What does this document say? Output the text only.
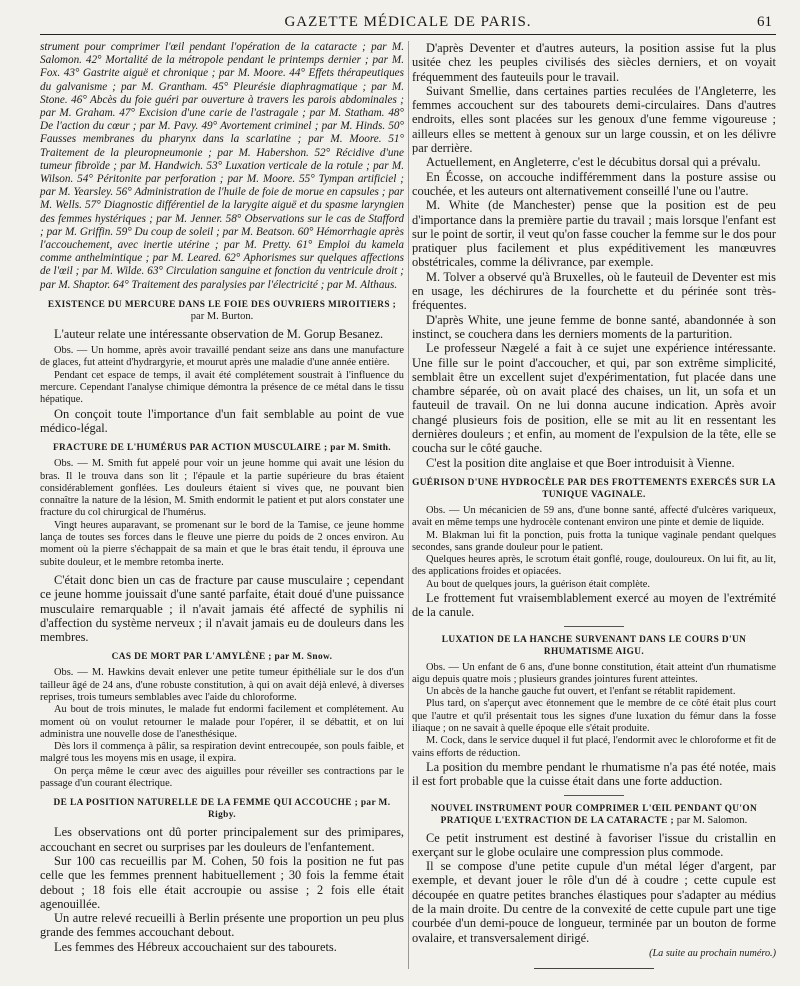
GAZETTE MÉDICALE DE PARIS.	61

strument pour comprimer l'œil pendant l'opération de la cataracte ; par M. Salomon. 42° Mortalité de la métropole pendant le printemps dernier ; par M. Fox. 43° Gastrite aiguë et chronique ; par M. Moore. 44° Effets thérapeutiques du galvanisme ; par M. Grantham. 45° Pleurésie diaphragmatique ; par M. Stone. 46° Abcès du foie guéri par ouverture à travers les parois abdominales ; par M. Graham. 47° Excision d'une carie de l'astragale ; par M. Statham. 48° De l'action du cœur ; par M. Pavy. 49° Avortement criminel ; par M. Hinds. 50° Fausses membranes du pharynx dans la scarlatine ; par M. Moore. 51° Traitement de la pleuropneumonie ; par M. Habershon. 52° Récidive d'une tumeur fibroïde ; par M. Handwich. 53° Luxation verticale de la rotule ; par M. Wilson. 54° Péritonite par perforation ; par M. Moore. 55° Tympan artificiel ; par M. Yearsley. 56° Administration de l'huile de foie de morue en capsules ; par M. Wells. 57° Diagnostic différentiel de la larygite aiguë et du spasme laryngien des femmes hystériques ; par M. Jenner. 58° Observations sur le cas de Stafford ; par M. Griffin. 59° Du coup de soleil ; par M. Beatson. 60° Hémorrhagie après l'accouchement, avec inertie utérine ; par M. Pretty. 61° Emploi du kamela comme anthelmintique ; par M. Leared. 62° Aphorismes sur quelques affections de l'œil ; par M. Wilde. 63° Circulation sanguine et fonction du ventricule droit ; par M. Shaptor. 64° Traitement des paralysies par l'électricité ; par M. Althaus.

EXISTENCE DU MERCURE DANS LE FOIE DES OUVRIERS MIROITIERS ;
par M. Burton.

L'auteur relate une intéressante observation de M. Gorup Besanez.

Obs. — Un homme, après avoir travaillé pendant seize ans dans une manufacture de glaces, fut atteint d'hydrargyrie, et mourut après une maladie d'une année entière.

Pendant cet espace de temps, il avait été complétement soustrait à l'influence du mercure. Cependant l'analyse chimique démontra la présence de ce métal dans le tissu hépatique.

On conçoit toute l'importance d'un fait semblable au point de vue médico-légal.

FRACTURE DE L'HUMÉRUS PAR ACTION MUSCULAIRE ; par M. Smith.

Obs. — M. Smith fut appelé pour voir un jeune homme qui avait une lésion du bras. Il le trouva dans son lit ; l'épaule et la partie supérieure du bras étaient considérablement gonflées. Les douleurs étaient si vives que, ne pouvant bien connaître la nature de la lésion, M. Smith endormit le patient et put alors constater une fracture du col chirurgical de l'humérus.

Vingt heures auparavant, se promenant sur le bord de la Tamise, ce jeune homme lança de toutes ses forces dans le fleuve une pierre du poids de 2 onces environ. Au moment où la pierre s'échappait de sa main et que le bras était tendu, il éprouva une subite douleur, et le membre retomba inerte.

C'était donc bien un cas de fracture par cause musculaire ; cependant ce jeune homme jouissait d'une santé parfaite, était doué d'une puissance musculaire remarquable ; il n'avait jamais été affecté de syphilis ni d'affection du système nerveux ; il n'avait jamais eu de douleurs dans les membres.

CAS DE MORT PAR L'AMYLÈNE ; par M. Snow.

Obs. — M. Hawkins devait enlever une petite tumeur épithéliale sur le dos d'un tailleur âgé de 24 ans, d'une robuste constitution, à qui on avait déjà enlevé, à diverses reprises, trois tumeurs semblables avec l'aide du chloroforme.

Au bout de trois minutes, le malade fut endormi facilement et complétement. Au moment où on voulut retourner le malade pour l'opérer, il se débattit, et on lui administra une nouvelle dose de l'anesthésique.

Dès lors il commença à pâlir, sa respiration devint entrecoupée, son pouls faible, et malgré tous les moyens mis en usage, il expira.

On perça même le cœur avec des aiguilles pour réveiller ses contractions par le passage d'un courant électrique.

DE LA POSITION NATURELLE DE LA FEMME QUI ACCOUCHE ; par M. Rigby.

Les observations ont dû porter principalement sur des primipares, accouchant en secret ou surprises par les douleurs de l'enfantement.

Sur 100 cas recueillis par M. Cohen, 50 fois la position ne fut pas celle que les femmes prennent habituellement ; 30 fois la femme était debout ; 18 fois elle était accroupie ou assise ; 2 fois elle était agenouillée.

Un autre relevé recueilli à Berlin présente une proportion un peu plus grande des femmes accouchant debout.

Les femmes des Hébreux accouchaient sur des tabourets.

D'après Deventer et d'autres auteurs, la position assise fut la plus usitée chez les peuples civilisés des siècles derniers, et on voyait fréquemment des fauteuils pour le travail.

Suivant Smellie, dans certaines parties reculées de l'Angleterre, les femmes accouchent sur des tabourets demi-circulaires. Dans d'autres endroits, elles sont placées sur les genoux d'une femme vigoureuse ; ailleurs elles se mettent à genoux sur un large coussin, et on les délivre par derrière.

Actuellement, en Angleterre, c'est le décubitus dorsal qui a prévalu.

En Écosse, on accouche indifféremment dans la posture assise ou couchée, et les auteurs ont alternativement conseillé l'une ou l'autre.

M. White (de Manchester) pense que la position est de peu d'importance dans la première partie du travail ; mais lorsque l'enfant est sur le point de sortir, il veut qu'on fasse coucher la femme sur le dos pour pratiquer plus facilement et plus expéditivement les manœuvres obstétricales, comme la délivrance, par exemple.

M. Tolver a observé qu'à Bruxelles, où le fauteuil de Deventer est mis en usage, les déchirures de la fourchette et du périnée sont très-fréquentes.

D'après White, une jeune femme de bonne santé, abandonnée à son instinct, se couchera dans les derniers moments de la parturition.

Le professeur Nægelé a fait à ce sujet une expérience intéressante. Une fille sur le point d'accoucher, et qui, par son extrême simplicité, semblait être un excellent sujet d'expérimentation, fut placée dans une chambre séparée, où on avait placé des chaises, un lit, un sofa et un fauteuil de travail. On ne lui donna aucune indication. Après avoir changé plusieurs fois de position, elle se mit au lit en ressentant les dernières douleurs ; et enfin, au moment de l'expulsion de la tête, elle se coucha sur le côté gauche.

C'est la position dite anglaise et que Boer introduisit à Vienne.

GUÉRISON D'UNE HYDROCÈLE PAR DES FROTTEMENTS EXERCÉS SUR LA TUNIQUE VAGINALE.

Obs. — Un mécanicien de 59 ans, d'une bonne santé, affecté d'ulcères variqueux, avait en même temps une hydrocèle contenant environ une pinte et demie de liquide.

M. Blakman lui fit la ponction, puis frotta la tunique vaginale pendant quelques secondes, sans grande douleur pour le patient.

Quelques heures après, le scrotum était gonflé, rouge, douloureux. On lui fit, au lit, des applications froides et opiacées.

Au bout de quelques jours, la guérison était complète.

Le frottement fut vraisemblablement exercé au moyen de l'extrémité de la canule.

LUXATION DE LA HANCHE SURVENANT DANS LE COURS D'UN RHUMATISME AIGU.

Obs. — Un enfant de 6 ans, d'une bonne constitution, était atteint d'un rhumatisme aigu depuis quatre mois ; plusieurs grandes jointures furent atteintes.

Un abcès de la hanche gauche fut ouvert, et l'enfant se rétablit rapidement.

Plus tard, on s'aperçut avec étonnement que le membre de ce côté était plus court que l'autre et qu'il présentait tous les signes d'une luxation du fémur dans la fosse iliaque ; on ne savait à quelle époque elle s'était produite.

M. Cock, dans le service duquel il fut placé, l'endormit avec le chloroforme et fit de vains efforts de réduction.

La position du membre pendant le rhumatisme n'a pas été notée, mais il est fort probable que la cuisse était dans une forte adduction.

NOUVEL INSTRUMENT POUR COMPRIMER L'ŒIL PENDANT QU'ON PRATIQUE L'EXTRACTION DE LA CATARACTE ; par M. Salomon.

Ce petit instrument est destiné à favoriser l'issue du cristallin en exerçant sur le globe oculaire une compression plus commode.

Il se compose d'une petite cupule d'un métal léger d'argent, par exemple, et devant jouer le rôle d'un dé à coudre ; cette cupule est découpée en quatre petites branches élastiques pour s'adapter au médius de la main droite. Du centre de la convexité de cette cupule part une tige courbée d'un demi-pouce de longueur, terminée par un bouton de forme ovalaire, et transversalement dirigé.

(La suite au prochain numéro.)
